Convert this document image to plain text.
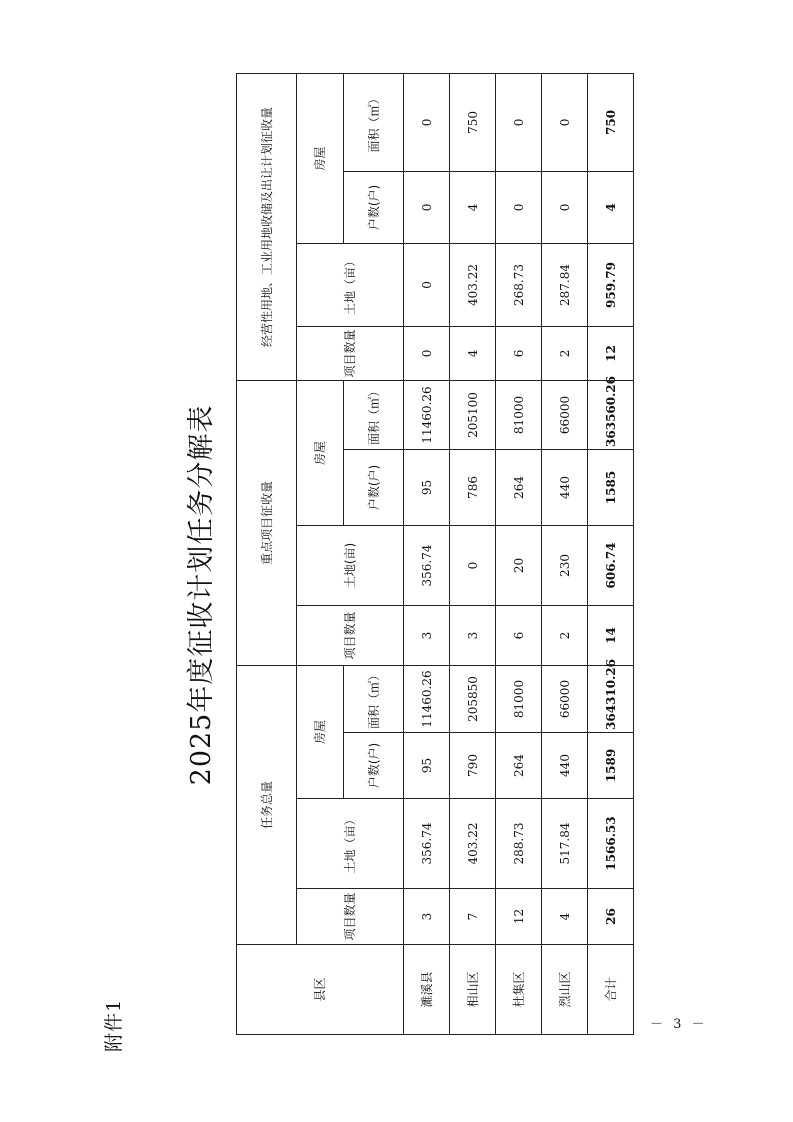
附件1
2025年度征收计划任务分解表
县区	任务总量				重点项目征收量				经营性用地、工业用地收储及出让计划征收量			
	项目数量	土地（亩）	房屋		项目数量	土地(亩)	房屋		项目数量	土地（亩）	房屋	
			户数(户)	面积（㎡）			户数(户)	面积（㎡）			户数(户)	面积（㎡）
濉溪县	3	356.74	95	11460.26	3	356.74	95	11460.26	0	0	0	0
相山区	7	403.22	790	205850	3	0	786	205100	4	403.22	4	750
杜集区	12	288.73	264	81000	6	20	264	81000	6	268.73	0	0
烈山区	4	517.84	440	66000	2	230	440	66000	2	287.84	0	0
合计	26	1566.53	1589	364310.26	14	606.74	1585	363560.26	12	959.79	4	750
－ 3 －
